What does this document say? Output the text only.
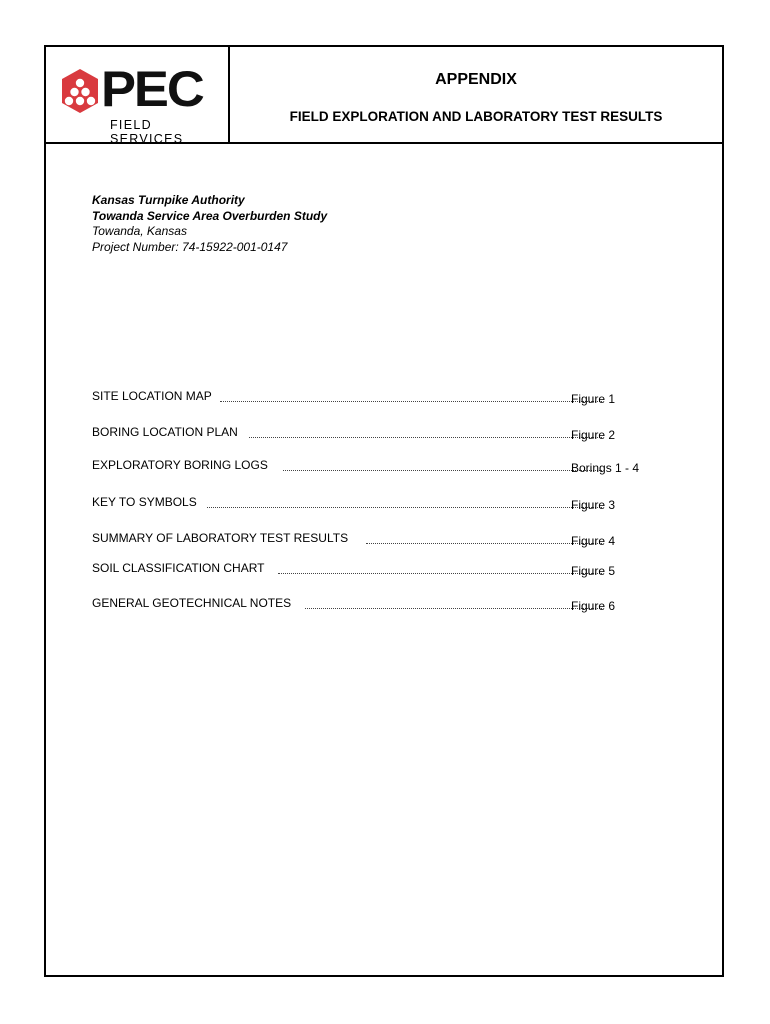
PEC
FIELD SERVICES
APPENDIX
FIELD EXPLORATION AND LABORATORY TEST RESULTS
Kansas Turnpike Authority
Towanda Service Area Overburden Study
Towanda, Kansas
Project Number: 74-15922-001-0147
SITE LOCATION MAP	Figure 1
BORING LOCATION PLAN	Figure 2
EXPLORATORY BORING LOGS	Borings 1 - 4
KEY TO SYMBOLS	Figure 3
SUMMARY OF LABORATORY TEST RESULTS	Figure 4
SOIL CLASSIFICATION CHART	Figure 5
GENERAL GEOTECHNICAL NOTES	Figure 6
